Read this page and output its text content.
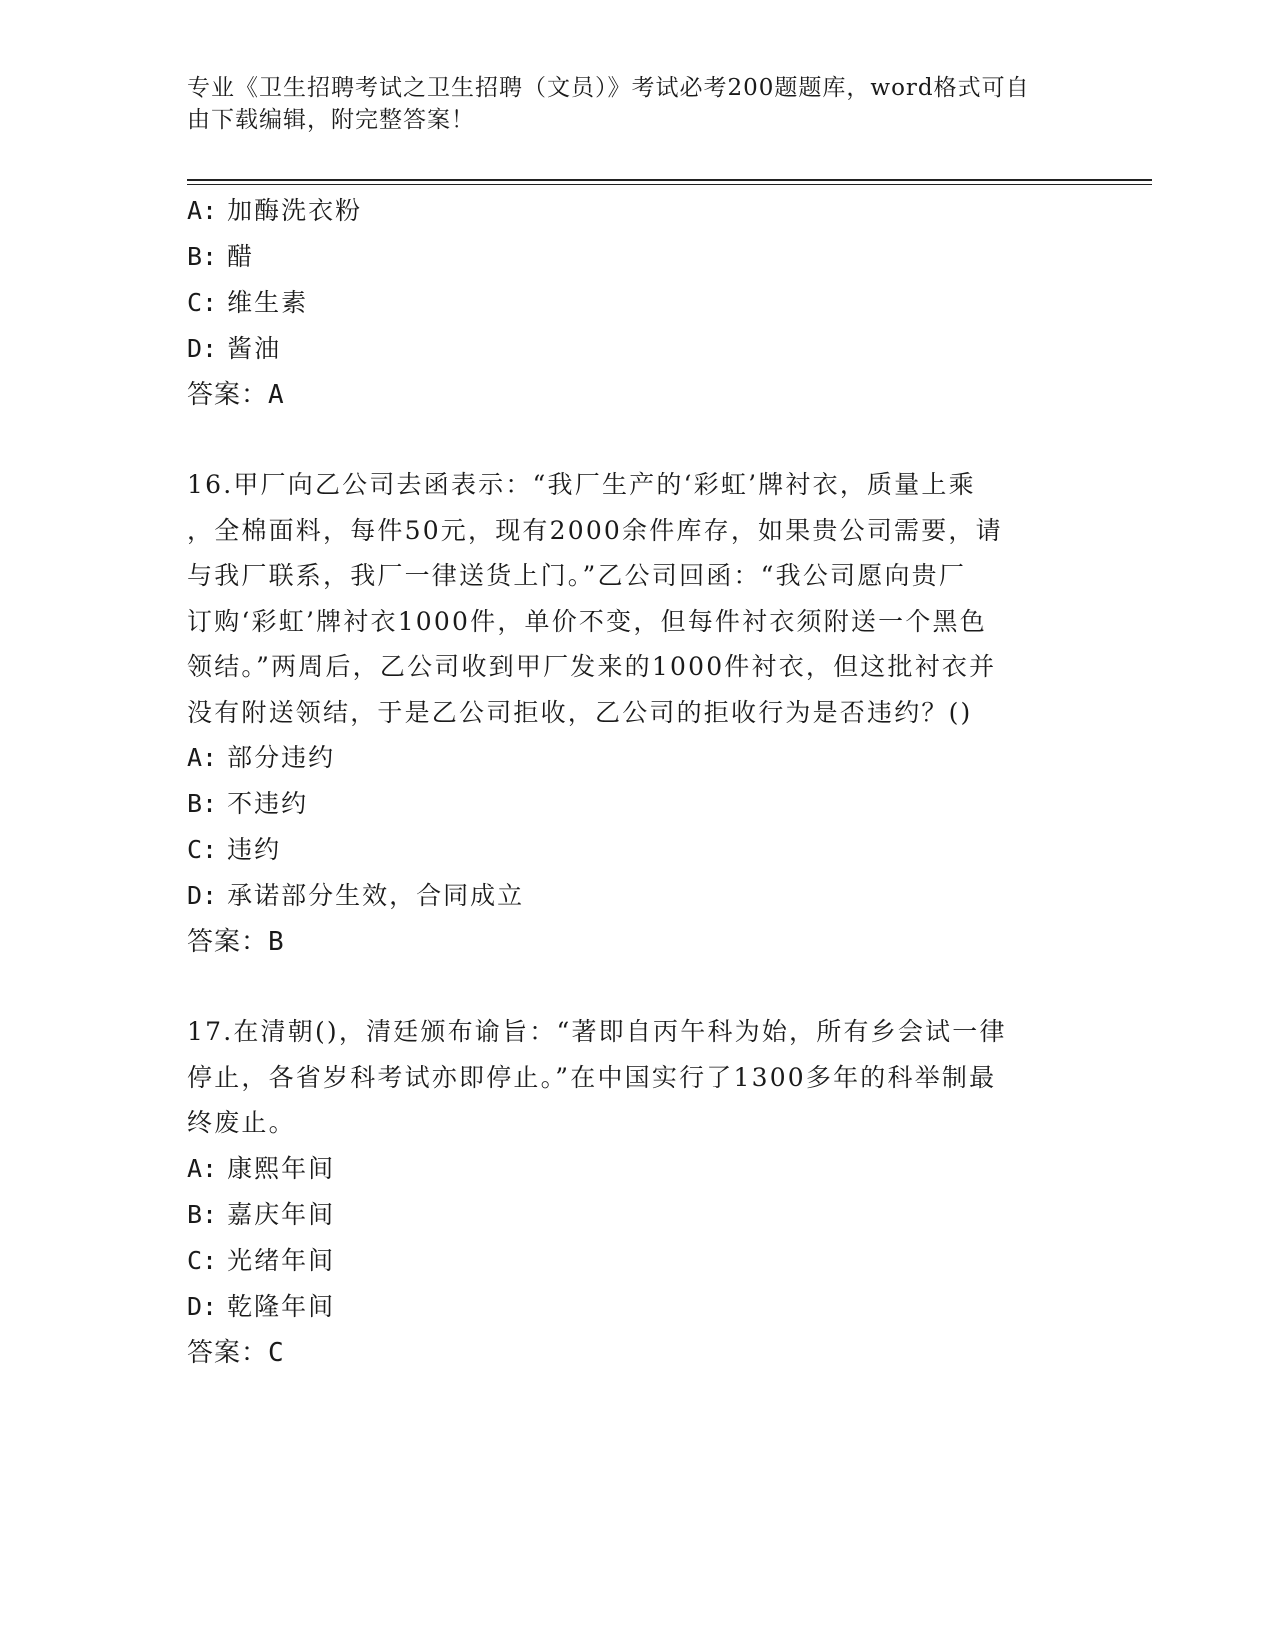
专业《卫生招聘考试之卫生招聘（文员）》考试必考200题题库，word格式可自
由下载编辑，附完整答案！
A: 加酶洗衣粉
B: 醋
C: 维生素
D: 酱油
答案：A
16.甲厂向乙公司去函表示：“我厂生产的‘彩虹’牌衬衣，质量上乘
，全棉面料，每件50元，现有2000余件库存，如果贵公司需要，请
与我厂联系，我厂一律送货上门。”乙公司回函：“我公司愿向贵厂
订购‘彩虹’牌衬衣1000件，单价不变，但每件衬衣须附送一个黑色
领结。”两周后，乙公司收到甲厂发来的1000件衬衣，但这批衬衣并
没有附送领结，于是乙公司拒收，乙公司的拒收行为是否违约？()
A: 部分违约
B: 不违约
C: 违约
D: 承诺部分生效，合同成立
答案：B
17.在清朝()，清廷颁布谕旨：“著即自丙午科为始，所有乡会试一律
停止，各省岁科考试亦即停止。”在中国实行了1300多年的科举制最
终废止。
A: 康熙年间
B: 嘉庆年间
C: 光绪年间
D: 乾隆年间
答案：C
